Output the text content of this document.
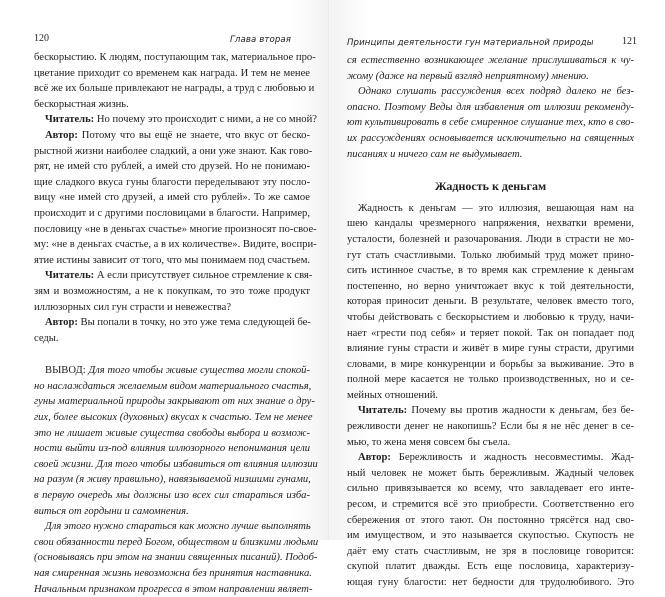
120	Глава вторая
бескорыстию. К людям, поступающим так, материальное про-
цветание приходит со временем как награда. И тем не менее
всё же их больше привлекают не награды, а труд с любовью и
бескорыстная жизнь.
Читатель: Но почему это происходит с ними, а не со мной?
Автор: Потому что вы ещё не знаете, что вкус от беско-
рыстной жизни наиболее сладкий, а они уже знают. Как гово-
рят, не имей сто рублей, а имей сто друзей. Но не понимаю-
щие сладкого вкуса гуны благости переделывают эту посло-
вицу «не имей сто друзей, а имей сто рублей». То же самое
происходит и с другими пословицами в благости. Например,
пословицу «не в деньгах счастье» многие произносят по-свое-
му: «не в деньгах счастье, а в их количестве». Видите, воспри-
ятие истины зависит от того, что мы понимаем под счастьем.
Читатель: А если присутствует сильное стремление к свя-
зям и возможностям, а не к покупкам, то это тоже продукт
иллюзорных сил гун страсти и невежества?
Автор: Вы попали в точку, но это уже тема следующей бе-
седы.
ВЫВОД: Для того чтобы живые существа могли спокой-
но наслаждаться желаемым видом материального счастья,
гуны материальной природы закрывают от них знание о дру-
гих, более высоких (духовных) вкусах к счастью. Тем не менее
это не лишает живые существа свободы выбора и возмож-
ности выйти из-под влияния иллюзорного непонимания цели
своей жизни. Для того чтобы избавиться от влияния иллюзии
на разум (я живу правильно), навязываемой низшими гунами,
в первую очередь мы должны изо всех сил стараться изба-
виться от гордыни и самомнения.
Для этого нужно стараться как можно лучше выполнять
свои обязанности перед Богом, обществом и близкими людьми
(основываясь при этом на знании священных писаний). Подоб-
ная смиренная жизнь невозможна без принятия наставника.
Начальным признаком прогресса в этом направлении являет-
Принципы деятельности гун материальной природы	121
ся естественно возникающее желание прислушиваться к чу-
жому (даже на первый взгляд неприятному) мнению.
Однако слушать рассуждения всех подряд далеко не без-
опасно. Поэтому Веды для избавления от иллюзии рекоменду-
ют культивировать в себе смиренное слушание тех, кто в сво-
их рассуждениях основывается исключительно на священных
писаниях и ничего сам не выдумывает.
Жадность к деньгам
Жадность к деньгам — это иллюзия, вешающая нам на
шею кандалы чрезмерного напряжения, нехватки времени,
усталости, болезней и разочарования. Люди в страсти не мо-
гут стать счастливыми. Только любимый труд может прино-
сить истинное счастье, в то время как стремление к деньгам
постепенно, но верно уничтожает вкус к той деятельности,
которая приносит деньги. В результате, человек вместо того,
чтобы действовать с бескорыстием и любовью к труду, начи-
нает «грести под себя» и теряет покой. Так он попадает под
влияние гуны страсти и живёт в мире гуны страсти, другими
словами, в мире конкуренции и борьбы за выживание. Это в
полной мере касается не только производственных, но и се-
мейных отношений.
Читатель: Почему вы против жадности к деньгам, без бе-
режливости денег не накопишь? Если бы я не нёс денег в се-
мью, то жена меня совсем бы съела.
Автор: Бережливость и жадность несовместимы. Жад-
ный человек не может быть бережливым. Жадный человек
сильно привязывается ко всему, что завладевает его инте-
ресом, и стремится всё это приобрести. Соответственно его
сбережения от этого тают. Он постоянно трясётся над сво-
им имуществом, и это называется скупостью. Скупость не
даёт ему стать счастливым, не зря в пословице говорится:
скупой платит дважды. Есть еще пословица, характеризу-
ющая гуну благости: нет бедности для трудолюбивого. Это
